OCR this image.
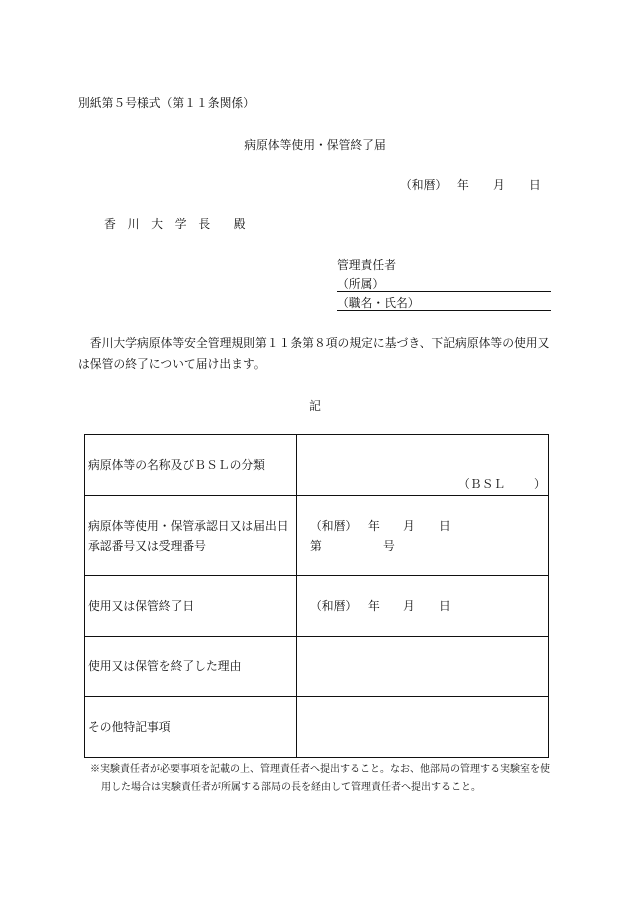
別紙第５号様式（第１１条関係）
病原体等使用・保管終了届
（和暦） 年 月 日
香　川　大　学　長　　殿
管理責任者
（所属）
（職名・氏名）
　香川大学病原体等安全管理規則第１１条第８項の規定に基づき、下記病原体等の使用又
は保管の終了について届け出ます。
記
病原体等の名称及びＢＳＬの分類
（ＢＳＬ ）
病原体等使用・保管承認日又は届出日
承認番号又は受理番号
（和暦） 年 月 日
第	号
使用又は保管終了日	（和暦） 年 月 日
使用又は保管を終了した理由
その他特記事項
※実験責任者が必要事項を記載の上、管理責任者へ提出すること。なお、他部局の管理する実験室を使
用した場合は実験責任者が所属する部局の長を経由して管理責任者へ提出すること。
